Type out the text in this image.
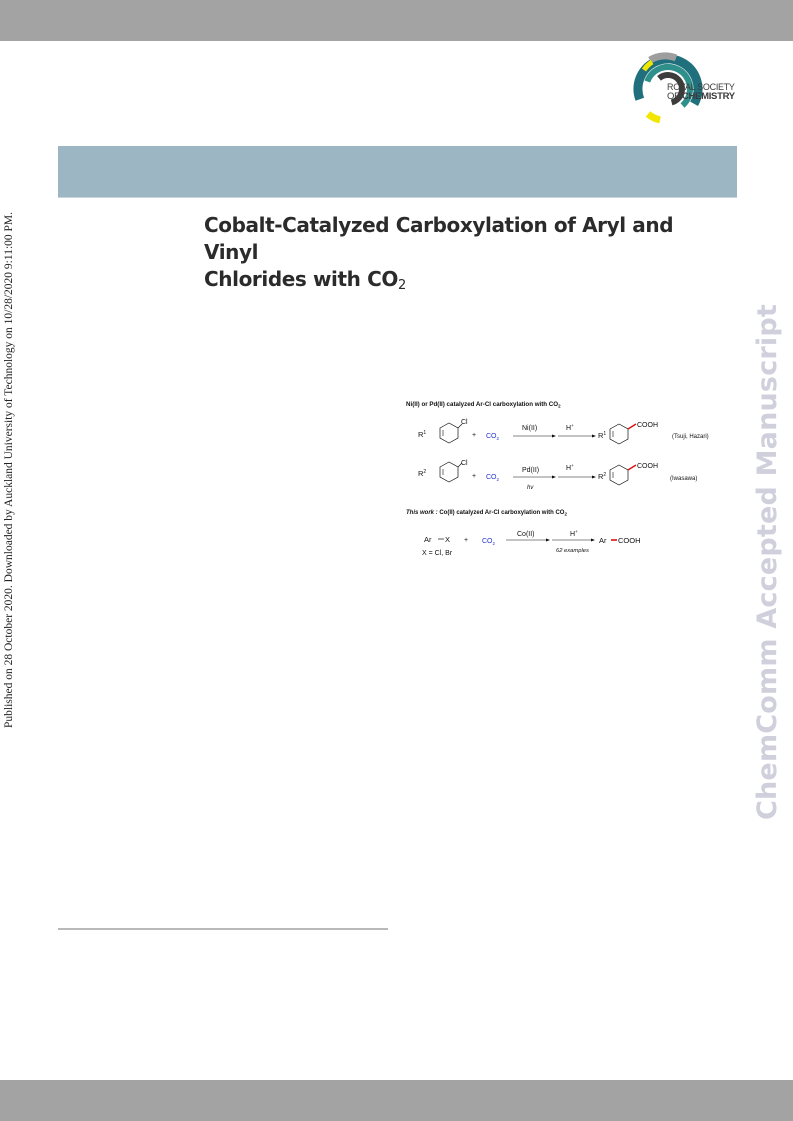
ROYAL SOCIETY
OF CHEMISTRY
Cobalt-Catalyzed Carboxylation of Aryl and Vinyl
Chlorides with $CO_2$
Published on 28 October 2020. Downloaded by Auckland University of Technology on 10/28/2020 9:11:00 PM.	ChemComm Accepted Manuscript
Ni(II) or Pd(II) catalyzed Ar-Cl carboxylation with $CO_2$
$R^1$
Cl
+ $CO_2$
Ni(II)	H+
$R^1$
COOH
(Tsuji, Hazari)
$R^2$
Cl
+ $CO_2$
Pd(II)
hν
H+
$R^2$
COOH
(Iwasawa)
This work : Co(II) catalyzed Ar-Cl carboxylation with $CO_2$
Ar $X + CO_2$
Co(II)	H+
62 examples
Ar COOH
X = Cl, Br
